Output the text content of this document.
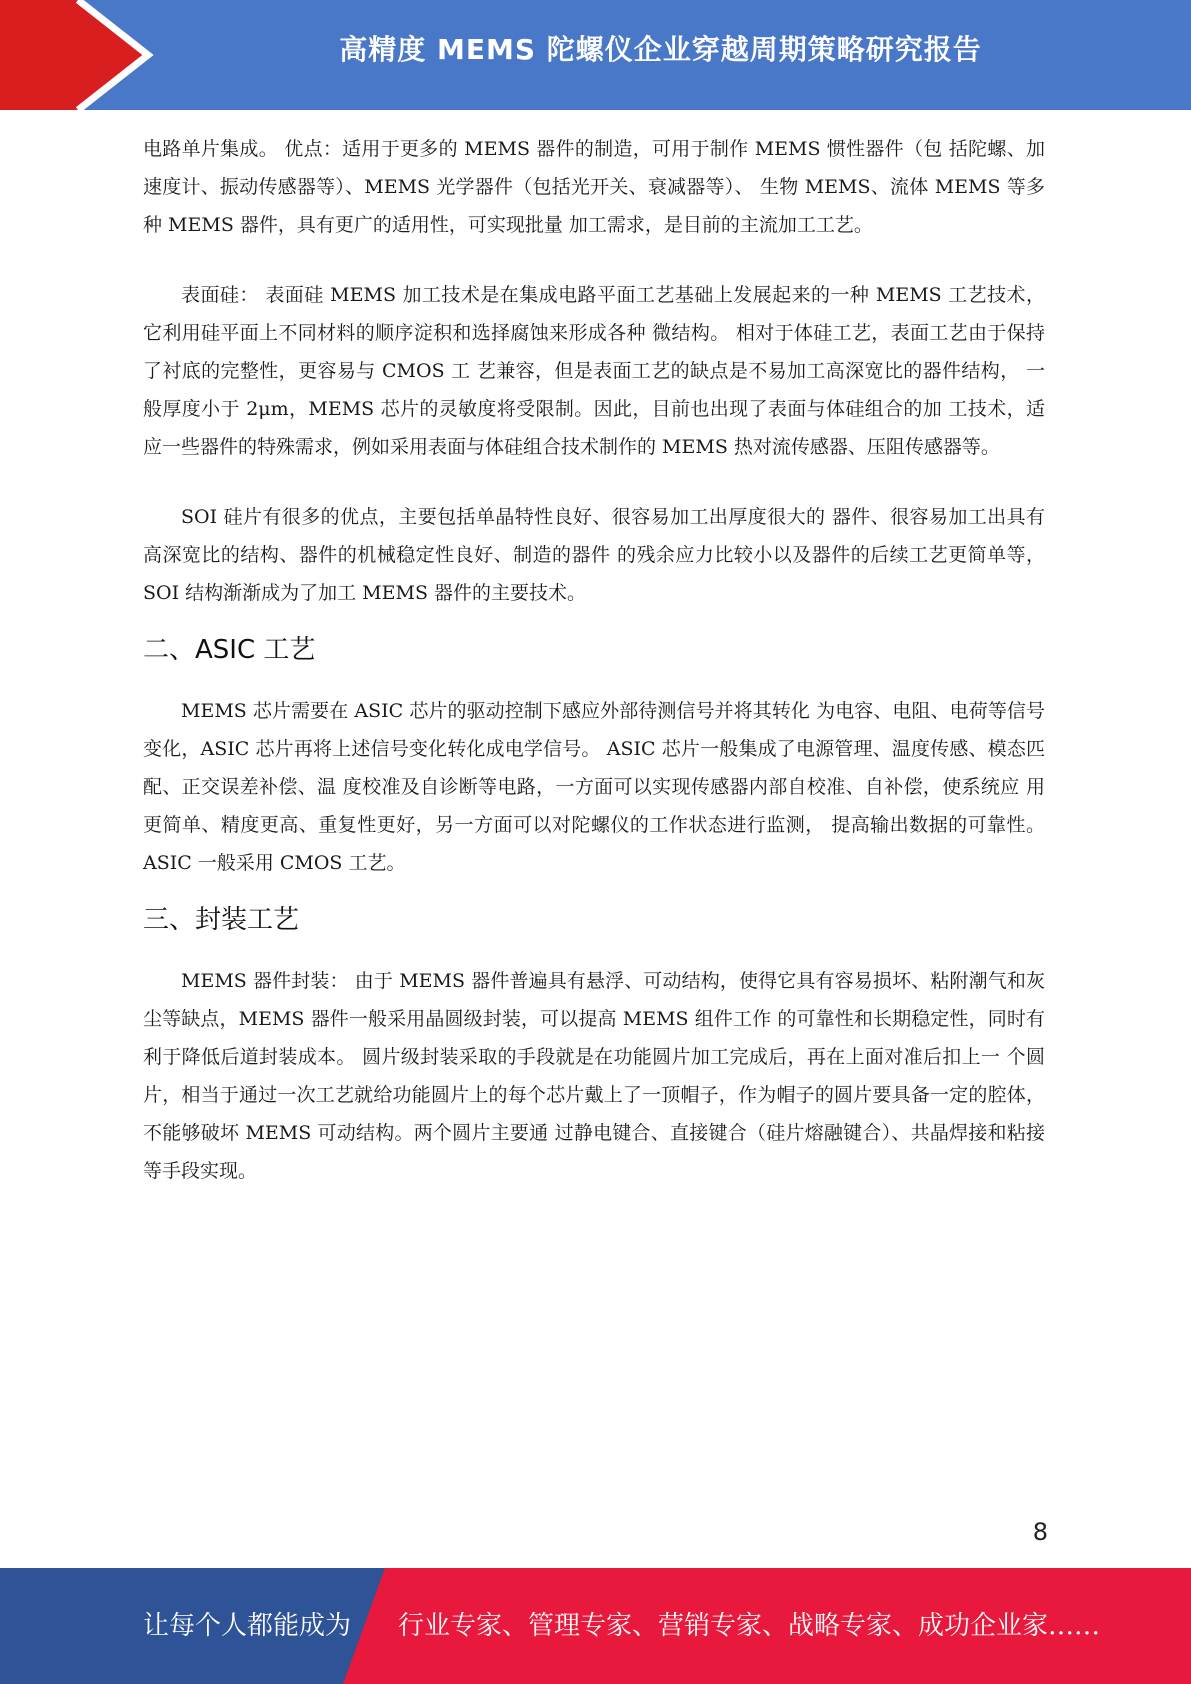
高精度 MEMS 陀螺仪企业穿越周期策略研究报告

电路单片集成。 优点：适用于更多的 MEMS 器件的制造，可用于制作 MEMS 惯性器件（包 括陀螺、加速度计、振动传感器等）、MEMS 光学器件（包括光开关、衰减器等）、 生物 MEMS、流体 MEMS 等多种 MEMS 器件，具有更广的适用性，可实现批量 加工需求，是目前的主流加工工艺。

表面硅： 表面硅 MEMS 加工技术是在集成电路平面工艺基础上发展起来的一种 MEMS 工艺技术，它利用硅平面上不同材料的顺序淀积和选择腐蚀来形成各种 微结构。 相对于体硅工艺，表面工艺由于保持了衬底的完整性，更容易与 CMOS 工 艺兼容，但是表面工艺的缺点是不易加工高深宽比的器件结构， 一般厚度小于 2μm，MEMS 芯片的灵敏度将受限制。因此，目前也出现了表面与体硅组合的加 工技术，适应一些器件的特殊需求，例如采用表面与体硅组合技术制作的 MEMS 热对流传感器、压阻传感器等。

SOI 硅片有很多的优点，主要包括单晶特性良好、很容易加工出厚度很大的 器件、很容易加工出具有高深宽比的结构、器件的机械稳定性良好、制造的器件 的残余应力比较小以及器件的后续工艺更简单等，SOI 结构渐渐成为了加工 MEMS 器件的主要技术。

二、ASIC 工艺

MEMS 芯片需要在 ASIC 芯片的驱动控制下感应外部待测信号并将其转化 为电容、电阻、电荷等信号变化，ASIC 芯片再将上述信号变化转化成电学信号。 ASIC 芯片一般集成了电源管理、温度传感、模态匹配、正交误差补偿、温 度校准及自诊断等电路，一方面可以实现传感器内部自校准、自补偿，使系统应 用更简单、精度更高、重复性更好，另一方面可以对陀螺仪的工作状态进行监测， 提高输出数据的可靠性。ASIC 一般采用 CMOS 工艺。

三、封装工艺

MEMS 器件封装： 由于 MEMS 器件普遍具有悬浮、可动结构，使得它具有容易损坏、粘附潮气和灰尘等缺点，MEMS 器件一般采用晶圆级封装，可以提高 MEMS 组件工作 的可靠性和长期稳定性，同时有利于降低后道封装成本。 圆片级封装采取的手段就是在功能圆片加工完成后，再在上面对准后扣上一 个圆片，相当于通过一次工艺就给功能圆片上的每个芯片戴上了一顶帽子，作为帽子的圆片要具备一定的腔体，不能够破坏 MEMS 可动结构。两个圆片主要通 过静电键合、直接键合（硅片熔融键合）、共晶焊接和粘接等手段实现。

8
让每个人都能成为 行业专家、管理专家、营销专家、战略专家、成功企业家……
